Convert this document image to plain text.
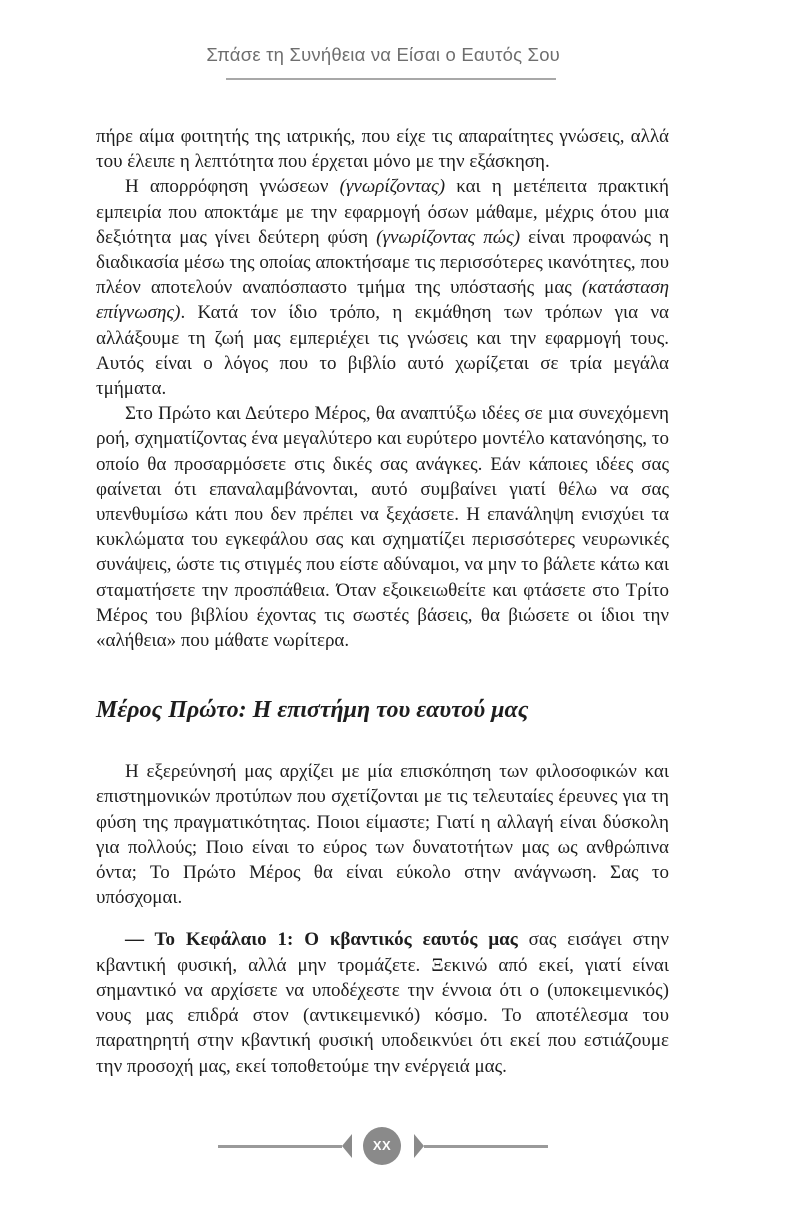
Σπάσε τη Συνήθεια να Είσαι ο Εαυτός Σου

πήρε αίμα φοιτητής της ιατρικής, που είχε τις απαραίτητες γνώσεις, αλλά του έλειπε η λεπτότητα που έρχεται μόνο με την εξάσκηση.

Η απορρόφηση γνώσεων (γνωρίζοντας) και η μετέπειτα πρακτική εμπειρία που αποκτάμε με την εφαρμογή όσων μάθαμε, μέχρις ότου μια δεξιότητα μας γίνει δεύτερη φύση (γνωρίζοντας πώς) είναι προφανώς η διαδικασία μέσω της οποίας αποκτήσαμε τις περισσότερες ικανότητες, που πλέον αποτελούν αναπόσπαστο τμήμα της υπόστασής μας (κατάσταση επίγνωσης). Κατά τον ίδιο τρόπο, η εκμάθηση των τρόπων για να αλλάξουμε τη ζωή μας εμπεριέχει τις γνώσεις και την εφαρμογή τους. Αυτός είναι ο λόγος που το βιβλίο αυτό χωρίζεται σε τρία μεγάλα τμήματα.

Στο Πρώτο και Δεύτερο Μέρος, θα αναπτύξω ιδέες σε μια συνεχόμενη ροή, σχηματίζοντας ένα μεγαλύτερο και ευρύτερο μοντέλο κατανόησης, το οποίο θα προσαρμόσετε στις δικές σας ανάγκες. Εάν κάποιες ιδέες σας φαίνεται ότι επαναλαμβάνονται, αυτό συμβαίνει γιατί θέλω να σας υπενθυμίσω κάτι που δεν πρέπει να ξεχάσετε. Η επανάληψη ενισχύει τα κυκλώματα του εγκεφάλου σας και σχηματίζει περισσότερες νευρωνικές συνάψεις, ώστε τις στιγμές που είστε αδύναμοι, να μην το βάλετε κάτω και σταματήσετε την προσπάθεια. Όταν εξοικειωθείτε και φτάσετε στο Τρίτο Μέρος του βιβλίου έχοντας τις σωστές βάσεις, θα βιώσετε οι ίδιοι την «αλήθεια» που μάθατε νωρίτερα.

Μέρος Πρώτο: Η επιστήμη του εαυτού μας

Η εξερεύνησή μας αρχίζει με μία επισκόπηση των φιλοσοφικών και επιστημονικών προτύπων που σχετίζονται με τις τελευταίες έρευνες για τη φύση της πραγματικότητας. Ποιοι είμαστε; Γιατί η αλλαγή είναι δύσκολη για πολλούς; Ποιο είναι το εύρος των δυνατοτήτων μας ως ανθρώπινα όντα; Το Πρώτο Μέρος θα είναι εύκολο στην ανάγνωση. Σας το υπόσχομαι.

— Το Κεφάλαιο 1: Ο κβαντικός εαυτός μας σας εισάγει στην κβαντική φυσική, αλλά μην τρομάζετε. Ξεκινώ από εκεί, γιατί είναι σημαντικό να αρχίσετε να υποδέχεστε την έννοια ότι ο (υποκειμενικός) νους μας επιδρά στον (αντικειμενικό) κόσμο. Το αποτέλεσμα του παρατηρητή στην κβαντική φυσική υποδεικνύει ότι εκεί που εστιάζουμε την προσοχή μας, εκεί τοποθετούμε την ενέργειά μας.

XX
